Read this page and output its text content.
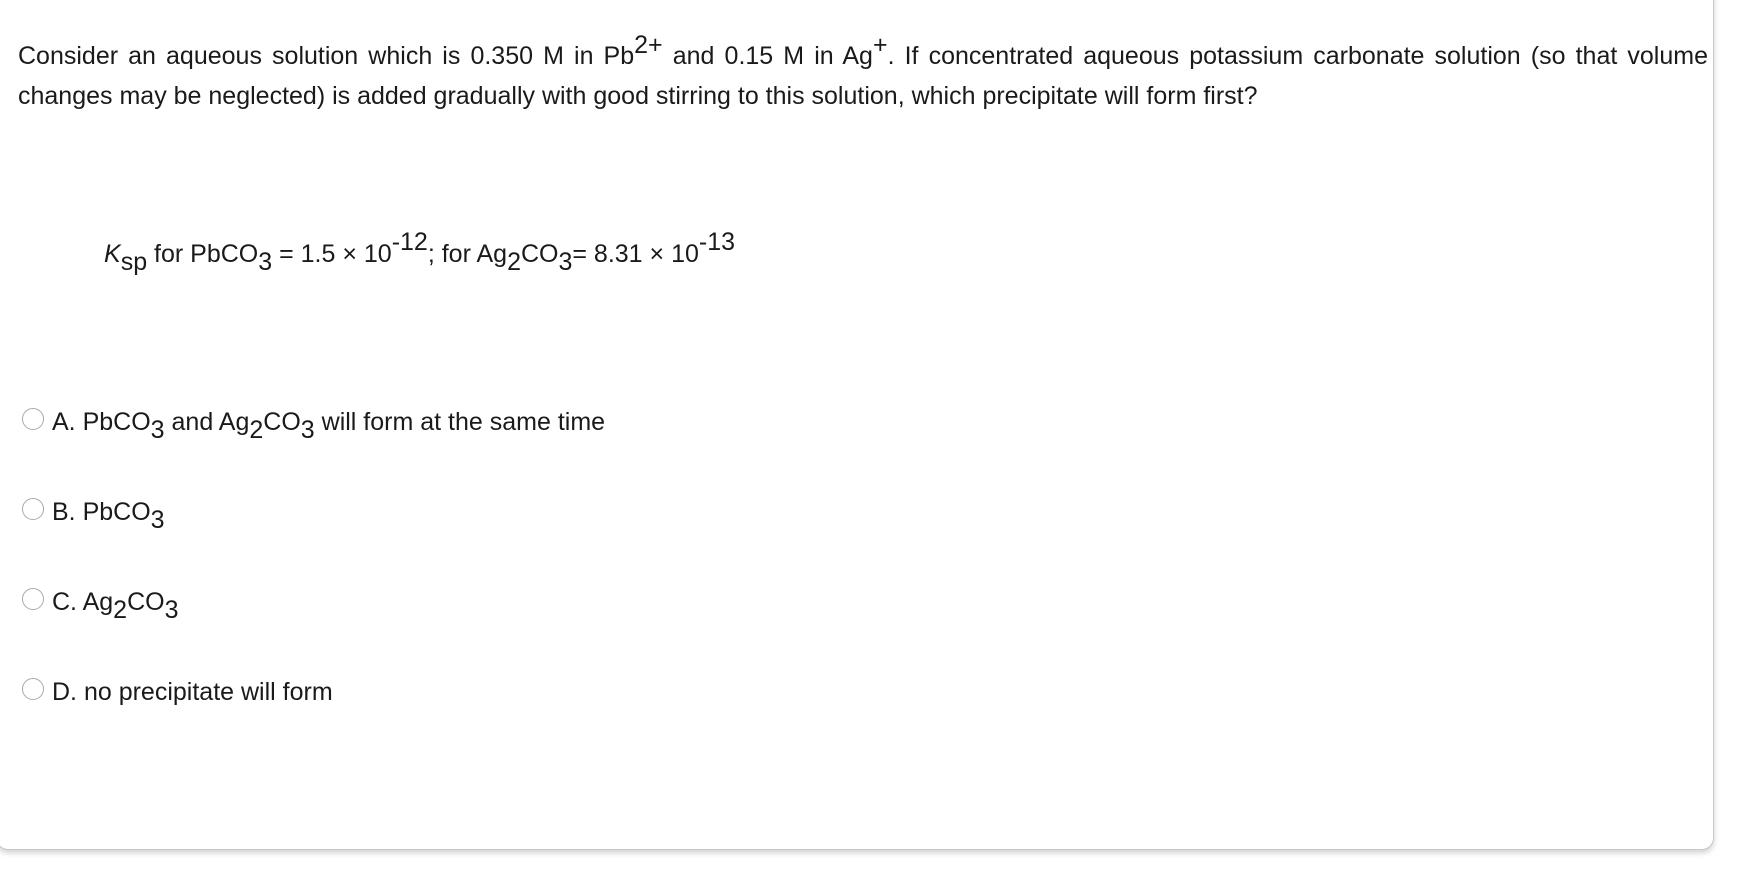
Consider an aqueous solution which is 0.350 M in $Pb^{2+}$ and 0.15 M in Ag+. If concentrated aqueous potassium carbonate solution (so that volume changes may be neglected) is added gradually with good stirring to this solution, which precipitate will form first?
$K_{sp}$ for PbCO$_3$ = $1.5 \times 10^{-12}$; for $Ag_2CO_3= 8.31 \times 10^{-13}$
A. PbCO$_3$ and $Ag_2CO_3$ will form at the same time
B. PbCO$_3$
C. $Ag_2CO_3$
D. no precipitate will form
